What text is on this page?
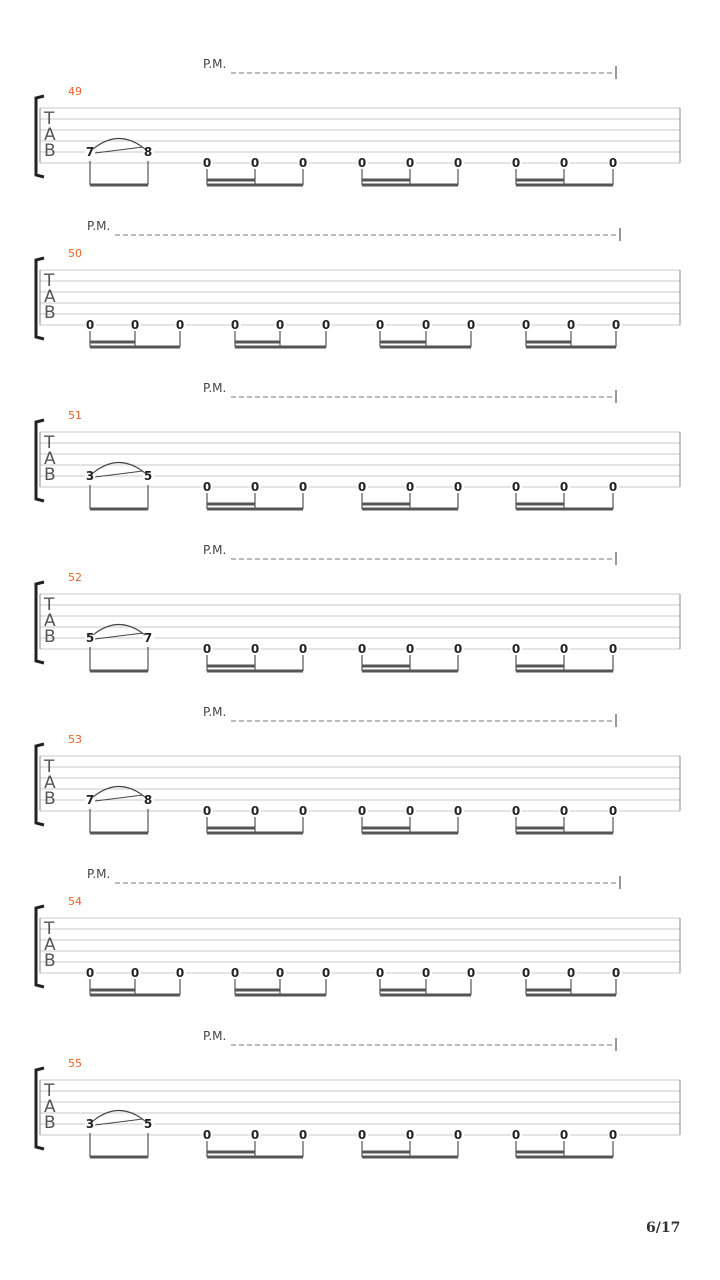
P.M.
49
T
A
B	7	8
0	0	0	0	0	0	0	0	0
P.M.
50
T
A
B
0	0	0	0	0	0	0	0	0	0	0	0
P.M.
51
T
A
B	3	5
0	0	0	0	0	0	0	0	0
P.M.
52
T
A
B	5	7
0	0	0	0	0	0	0	0	0
P.M.
53
T
A
B	7	8
0	0	0	0	0	0	0	0	0
P.M.
54
T
A
B
0	0	0	0	0	0	0	0	0	0	0	0
P.M.
55
T
A
B	3	5
0	0	0	0	0	0	0	0	0
6/17
